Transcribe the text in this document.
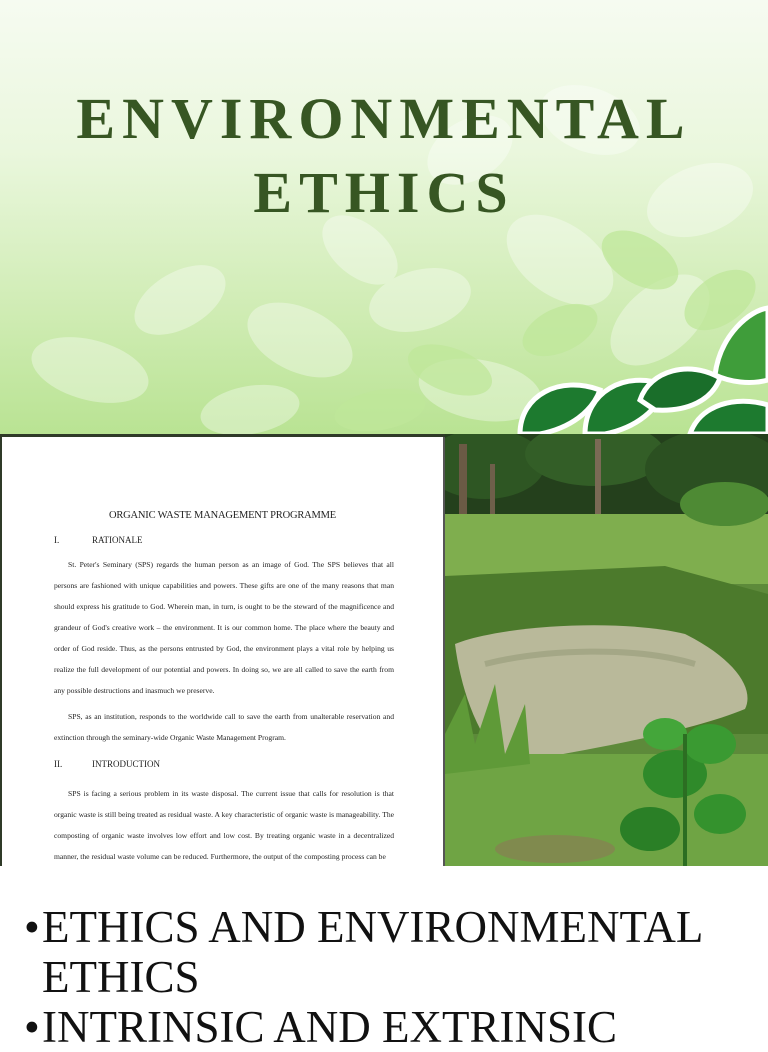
ENVIRONMENTAL
ETHICS
ORGANIC WASTE MANAGEMENT PROGRAMME
I.	RATIONALE

St. Peter's Seminary (SPS) regards the human person as an image of God. The SPS believes that all persons are fashioned with unique capabilities and powers. These gifts are one of the many reasons that man should express his gratitude to God. Wherein man, in turn, is ought to be the steward of the magnificence and grandeur of God's creative work – the environment. It is our common home. The place where the beauty and order of God reside. Thus, as the persons entrusted by God, the environment plays a vital role by helping us realize the full development of our potential and powers. In doing so, we are all called to save the earth from any possible destructions and inasmuch we preserve.

SPS, as an institution, responds to the worldwide call to save the earth from unalterable reservation and extinction through the seminary-wide Organic Waste Management Program.

II.	INTRODUCTION

SPS is facing a serious problem in its waste disposal. The current issue that calls for resolution is that organic waste is still being treated as residual waste. A key characteristic of organic waste is manageability. The composting of organic waste involves low effort and low cost. By treating organic waste in a decentralized manner, the residual waste volume can be reduced. Furthermore, the output of the composting process can be

• ETHICS AND ENVIRONMENTAL ETHICS
• INTRINSIC AND EXTRINSIC
